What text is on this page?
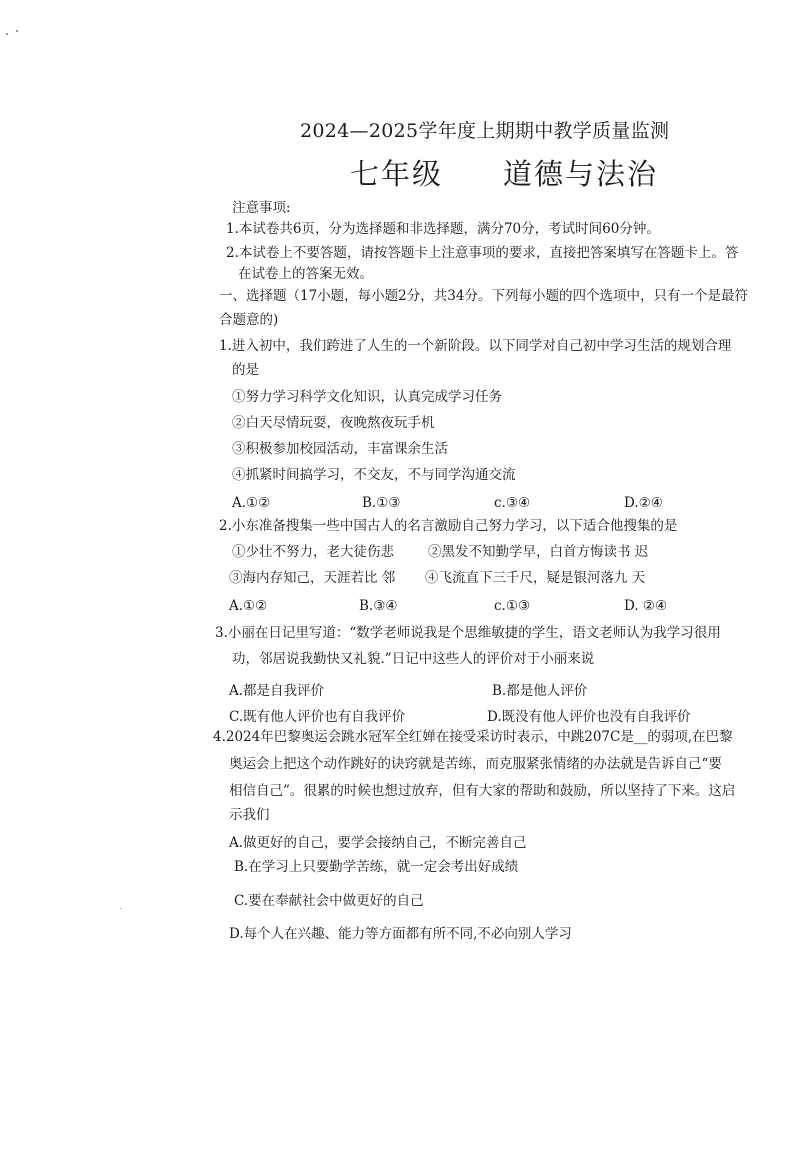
2024—2025学年度上期期中教学质量监测
七年级 道德与法治
注意事项:
1.本试卷共6页，分为选择题和非选择题，满分70分，考试时间60分钟。
2.本试卷上不要答题，请按答题卡上注意事项的要求，直接把答案填写在答题卡上。答
在试卷上的答案无效。
一、选择题（17小题，每小题2分，共34分。下列每小题的四个选项中，只有一个是最符
合题意的)
1.进入初中，我们跨进了人生的一个新阶段。以下同学对自己初中学习生活的规划合理
的是
①努力学习科学文化知识，认真完成学习任务
②白天尽情玩耍，夜晚熬夜玩手机
③积极参加校园活动，丰富课余生活
④抓紧时间搞学习，不交友，不与同学沟通交流
A.①②	B.①③	c.③④	D.②④
2.小东准备搜集一些中国古人的名言激励自己努力学习，以下适合他搜集的是
①少壮不努力，老大徒伤悲	②黑发不知勤学早，白首方悔读书 迟
③海内存知己，天涯若比 邻 ④飞流直下三千尺，疑是银河落九 天
A.①②	B.③④	c.①③	D. ②④
3.小丽在日记里写道：“数学老师说我是个思维敏捷的学生，语文老师认为我学习很用
功，邻居说我勤快又礼貌.”日记中这些人的评价对于小丽来说
A.都是自我评价	B.都是他人评价
C.既有他人评价也有自我评价	D.既没有他人评价也没有自我评价
4.2024年巴黎奥运会跳水冠军全红婵在接受采访时表示，中跳207C是__的弱项,在巴黎
奥运会上把这个动作跳好的诀窍就是苦练，而克服紧张情绪的办法就是告诉自己“要
相信自己”。很累的时候也想过放弃，但有大家的帮助和鼓励，所以坚持了下来。这启
示我们
A.做更好的自己，要学会接纳自己，不断完善自己
B.在学习上只要勤学苦练，就一定会考出好成绩
C.要在奉献社会中做更好的自己
D.每个人在兴趣、能力等方面都有所不同,不必向别人学习
